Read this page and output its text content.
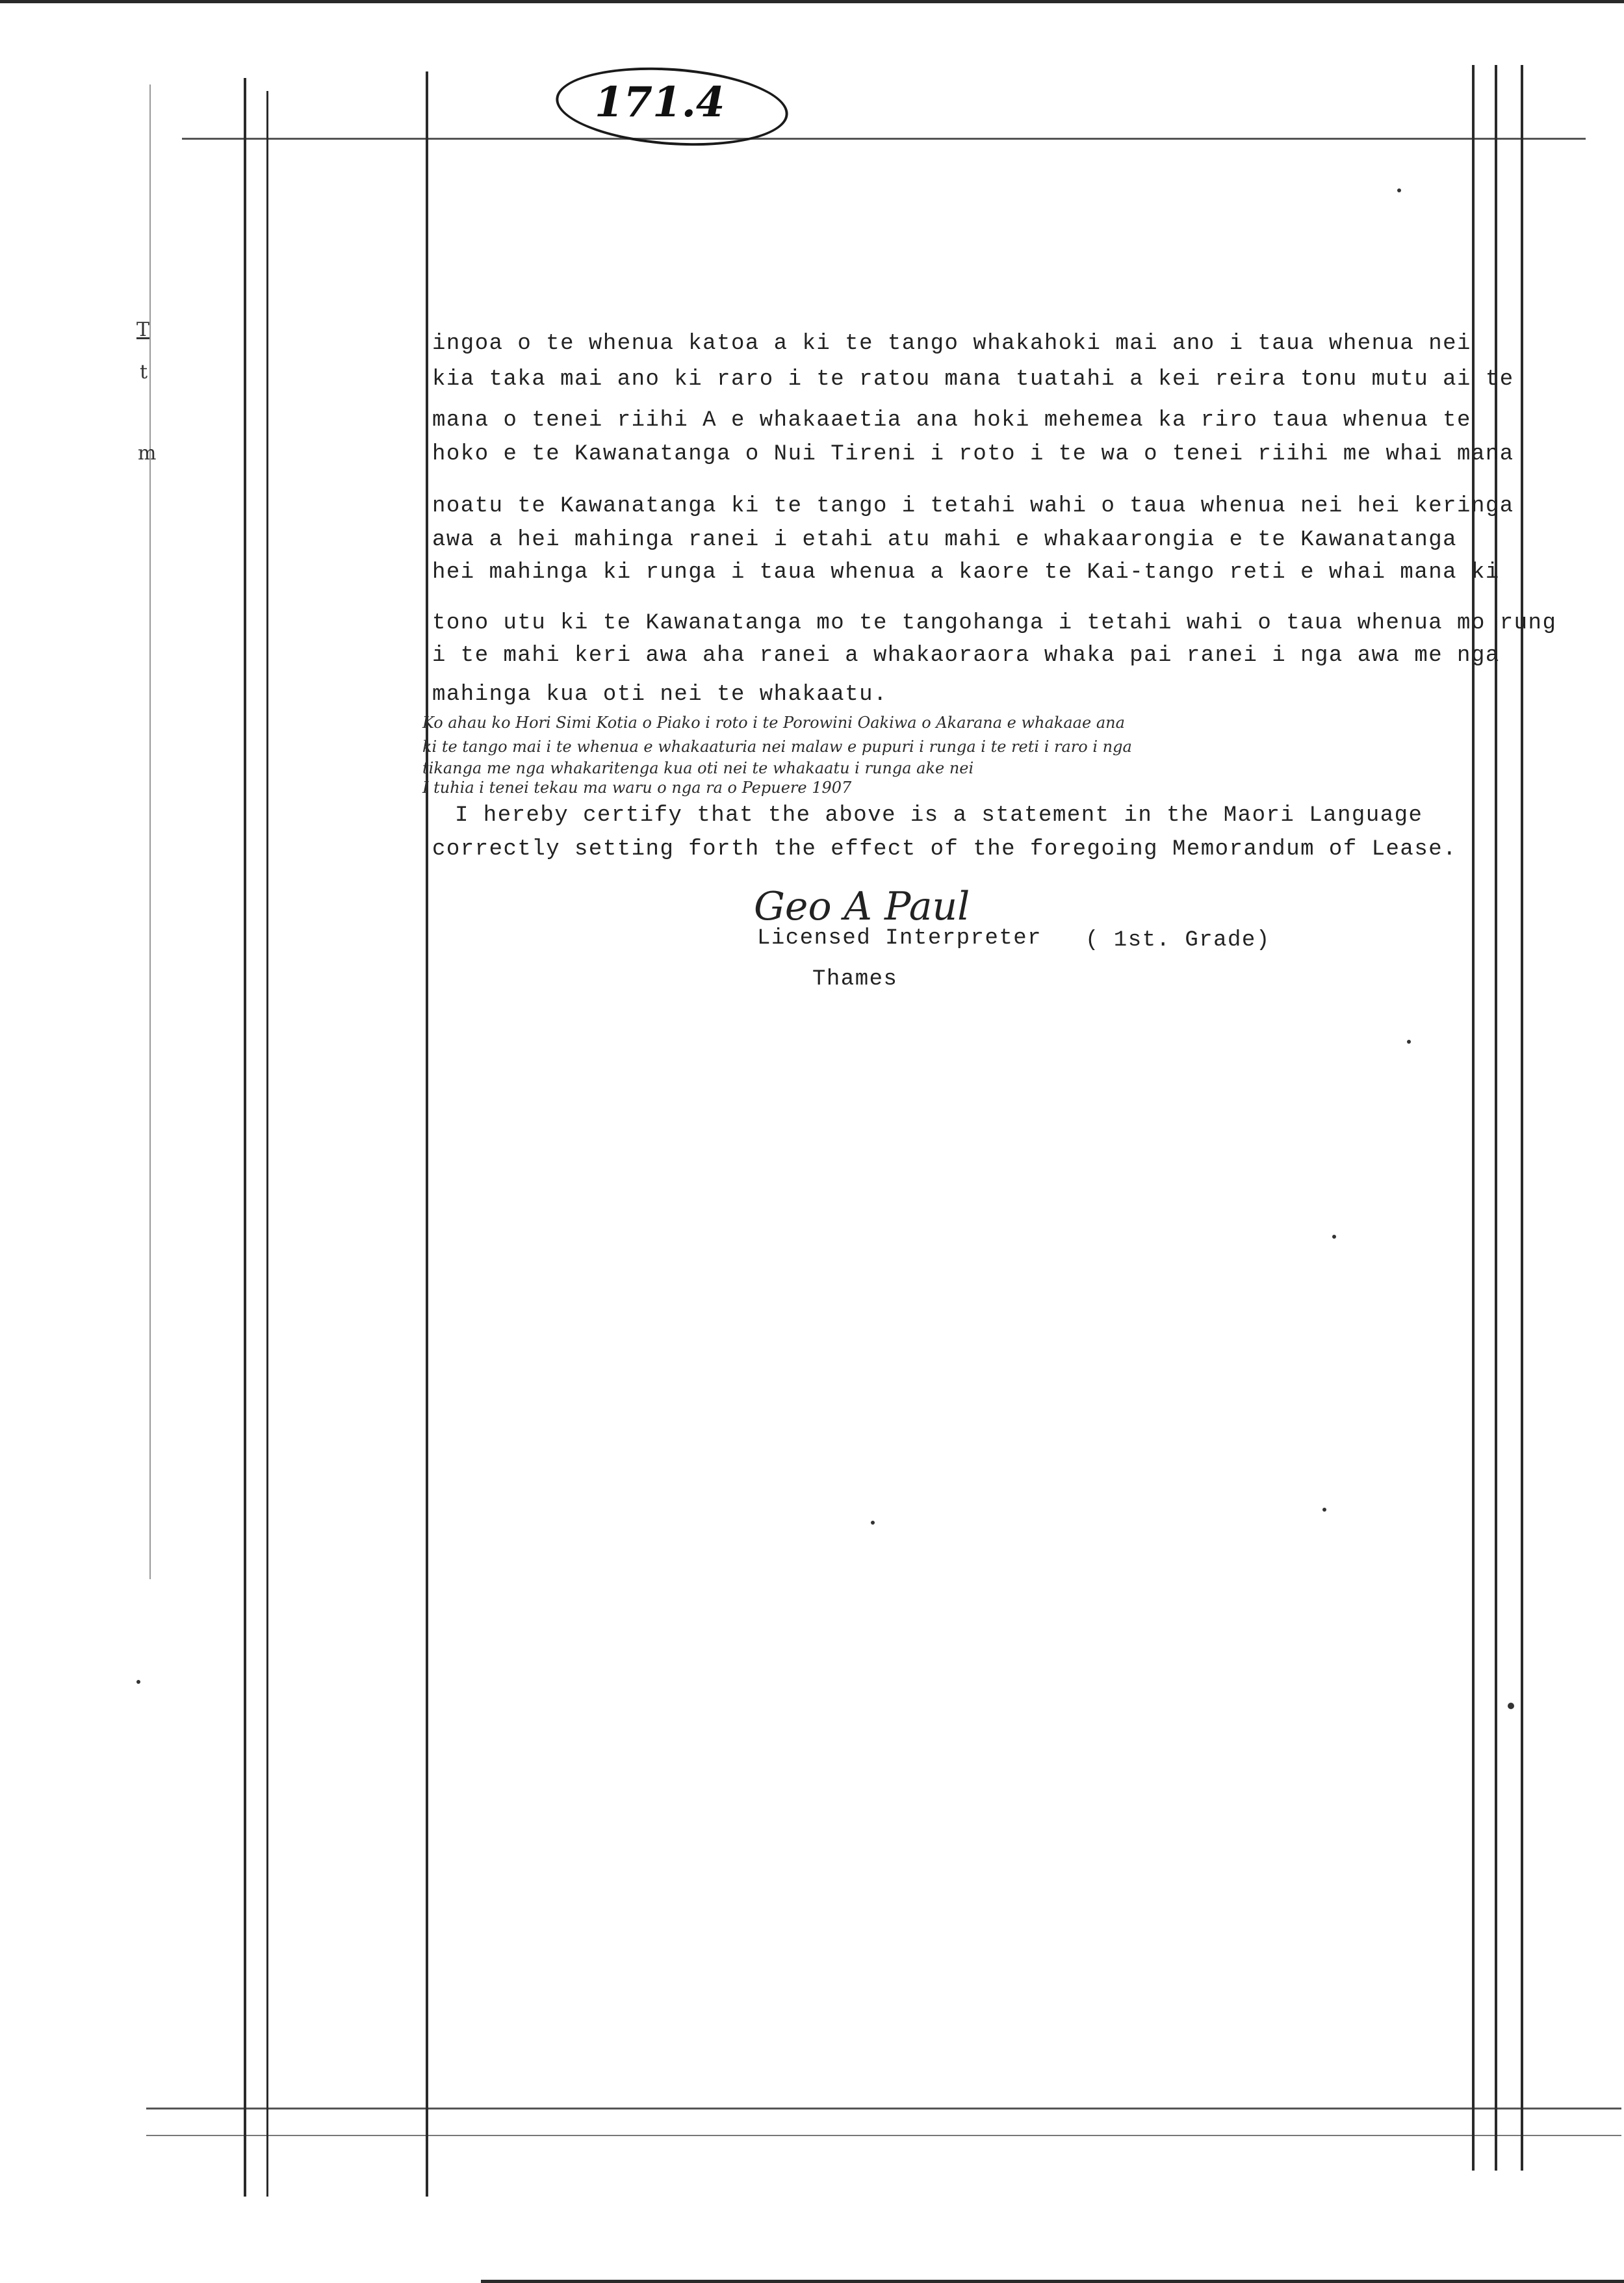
171.4
T
t
m
ingoa o te whenua katoa a ki te tango whakahoki mai ano i taua whenua nei
kia taka mai ano ki raro i te ratou mana tuatahi a kei reira tonu mutu ai te
mana o tenei riihi A e whakaaetia ana hoki mehemea ka riro taua whenua te
hoko e te Kawanatanga o Nui Tireni i roto i te wa o tenei riihi me whai mana
noatu te Kawanatanga ki te tango i tetahi wahi o taua whenua nei hei keringa
awa a hei mahinga ranei i etahi atu mahi e whakaarongia e te Kawanatanga
hei mahinga ki runga i taua whenua a kaore te Kai-tango reti e whai mana ki
tono utu ki te Kawanatanga mo te tangohanga i tetahi wahi o taua whenua mo rung
i te mahi keri awa aha ranei a whakaoraora whaka pai ranei i nga awa me nga
mahinga kua oti nei te whakaatu.
Ko ahau ko Hori Simi Kotia o Piako i roto i te Porowini Oakiwa o Akarana e whakaae ana
ki te tango mai i te whenua e whakaaturia nei malaw e pupuri i runga i te reti i raro i nga
tikanga me nga whakaritenga kua oti nei te whakaatu i runga ake nei
I tuhia i tenei tekau ma waru o nga ra o Pepuere 1907
I hereby certify that the above is a statement in the Maori Language
correctly setting forth the effect of the foregoing Memorandum of Lease.
Geo A Paul
Licensed Interpreter ( 1st. Grade)
Thames
